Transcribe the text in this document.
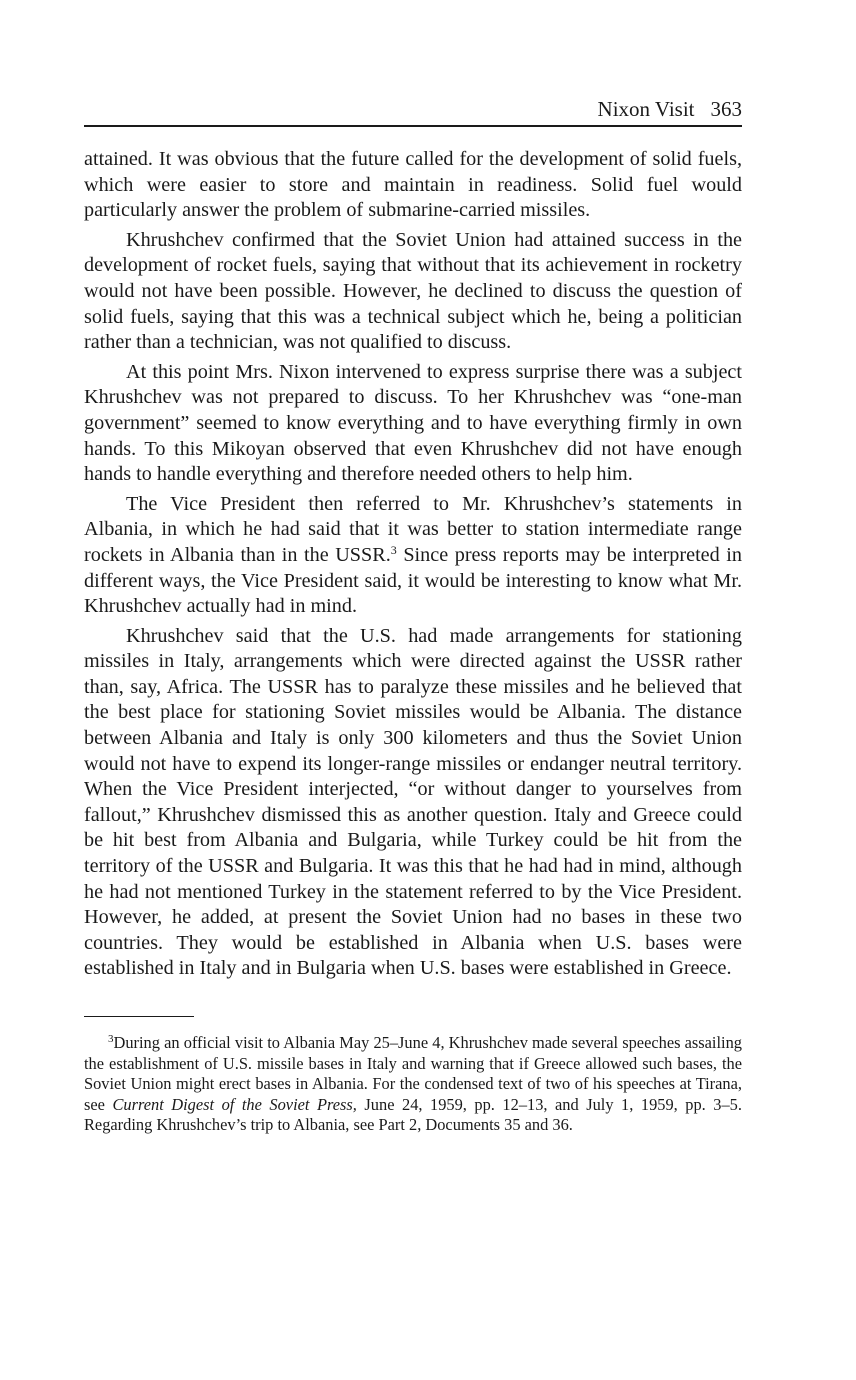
Nixon Visit 363

attained. It was obvious that the future called for the development of solid fuels, which were easier to store and maintain in readiness. Solid fuel would particularly answer the problem of submarine-carried missiles.

Khrushchev confirmed that the Soviet Union had attained success in the development of rocket fuels, saying that without that its achievement in rocketry would not have been possible. However, he declined to discuss the question of solid fuels, saying that this was a technical subject which he, being a politician rather than a technician, was not qualified to discuss.

At this point Mrs. Nixon intervened to express surprise there was a subject Khrushchev was not prepared to discuss. To her Khrushchev was “one-man government” seemed to know everything and to have everything firmly in own hands. To this Mikoyan observed that even Khrushchev did not have enough hands to handle everything and therefore needed others to help him.

The Vice President then referred to Mr. Khrushchev’s statements in Albania, in which he had said that it was better to station intermediate range rockets in Albania than in the USSR.$^3$ Since press reports may be interpreted in different ways, the Vice President said, it would be interesting to know what Mr. Khrushchev actually had in mind.

Khrushchev said that the U.S. had made arrangements for stationing missiles in Italy, arrangements which were directed against the USSR rather than, say, Africa. The USSR has to paralyze these missiles and he believed that the best place for stationing Soviet missiles would be Albania. The distance between Albania and Italy is only 300 kilometers and thus the Soviet Union would not have to expend its longer-range missiles or endanger neutral territory. When the Vice President interjected, “or without danger to yourselves from fallout,” Khrushchev dismissed this as another question. Italy and Greece could be hit best from Albania and Bulgaria, while Turkey could be hit from the territory of the USSR and Bulgaria. It was this that he had had in mind, although he had not mentioned Turkey in the statement referred to by the Vice President. However, he added, at present the Soviet Union had no bases in these two countries. They would be established in Albania when U.S. bases were established in Italy and in Bulgaria when U.S. bases were established in Greece.

$^3$During an official visit to Albania May 25–June 4, Khrushchev made several speeches assailing the establishment of U.S. missile bases in Italy and warning that if Greece allowed such bases, the Soviet Union might erect bases in Albania. For the condensed text of two of his speeches at Tirana, see Current Digest of the Soviet Press, June 24, 1959, pp. 12–13, and July 1, 1959, pp. 3–5. Regarding Khrushchev’s trip to Albania, see Part 2, Documents 35 and 36.
